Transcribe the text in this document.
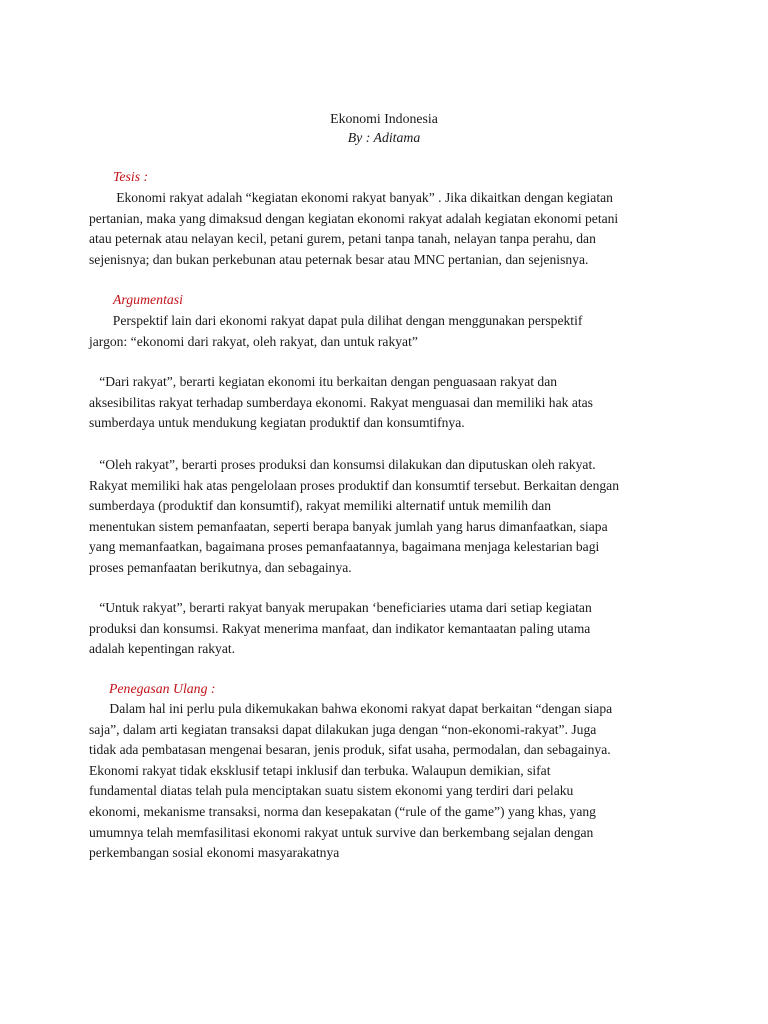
Ekonomi Indonesia
By : Aditama
Tesis :
Ekonomi rakyat adalah “kegiatan ekonomi rakyat banyak” . Jika dikaitkan dengan kegiatan
pertanian, maka yang dimaksud dengan kegiatan ekonomi rakyat adalah kegiatan ekonomi petani
atau peternak atau nelayan kecil, petani gurem, petani tanpa tanah, nelayan tanpa perahu, dan
sejenisnya; dan bukan perkebunan atau peternak besar atau MNC pertanian, dan sejenisnya.
Argumentasi
Perspektif lain dari ekonomi rakyat dapat pula dilihat dengan menggunakan perspektif
jargon: “ekonomi dari rakyat, oleh rakyat, dan untuk rakyat”
“Dari rakyat”, berarti kegiatan ekonomi itu berkaitan dengan penguasaan rakyat dan
aksesibilitas rakyat terhadap sumberdaya ekonomi. Rakyat menguasai dan memiliki hak atas
sumberdaya untuk mendukung kegiatan produktif dan konsumtifnya.
“Oleh rakyat”, berarti proses produksi dan konsumsi dilakukan dan diputuskan oleh rakyat.
Rakyat memiliki hak atas pengelolaan proses produktif dan konsumtif tersebut. Berkaitan dengan
sumberdaya (produktif dan konsumtif), rakyat memiliki alternatif untuk memilih dan
menentukan sistem pemanfaatan, seperti berapa banyak jumlah yang harus dimanfaatkan, siapa
yang memanfaatkan, bagaimana proses pemanfaatannya, bagaimana menjaga kelestarian bagi
proses pemanfaatan berikutnya, dan sebagainya.
“Untuk rakyat”, berarti rakyat banyak merupakan ‘beneficiaries utama dari setiap kegiatan
produksi dan konsumsi. Rakyat menerima manfaat, dan indikator kemantaatan paling utama
adalah kepentingan rakyat.
Penegasan Ulang :
Dalam hal ini perlu pula dikemukakan bahwa ekonomi rakyat dapat berkaitan “dengan siapa
saja”, dalam arti kegiatan transaksi dapat dilakukan juga dengan “non-ekonomi-rakyat”. Juga
tidak ada pembatasan mengenai besaran, jenis produk, sifat usaha, permodalan, dan sebagainya.
Ekonomi rakyat tidak eksklusif tetapi inklusif dan terbuka. Walaupun demikian, sifat
fundamental diatas telah pula menciptakan suatu sistem ekonomi yang terdiri dari pelaku
ekonomi, mekanisme transaksi, norma dan kesepakatan (“rule of the game”) yang khas, yang
umumnya telah memfasilitasi ekonomi rakyat untuk survive dan berkembang sejalan dengan
perkembangan sosial ekonomi masyarakatnya
